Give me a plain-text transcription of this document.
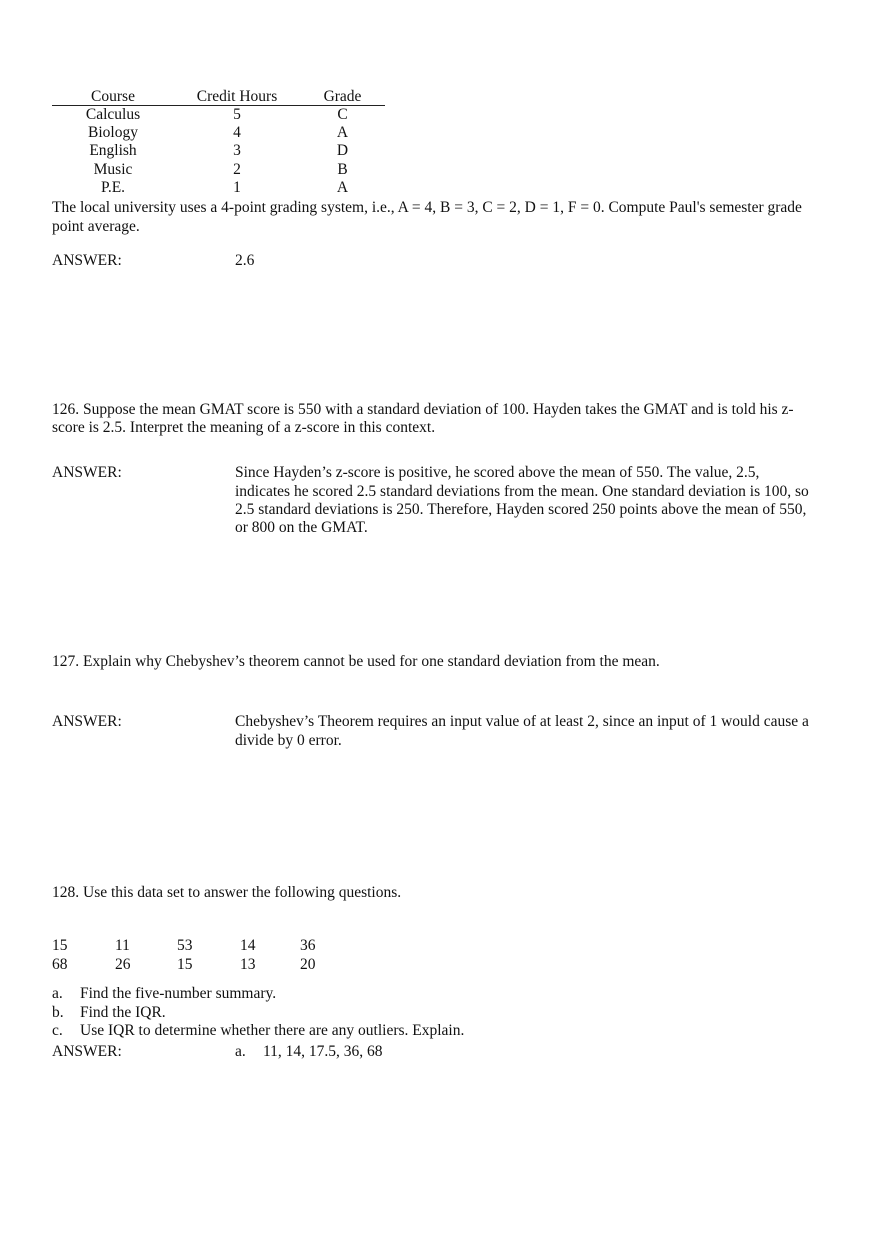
Course	Credit Hours	Grade
Calculus	5	C
Biology	4	A
English	3	D
Music	2	B
P.E.	1	A
The local university uses a 4-point grading system, i.e., A = 4, B = 3, C = 2, D = 1, F = 0. Compute Paul's semester grade
point average.
ANSWER:	2.6
126. Suppose the mean GMAT score is 550 with a standard deviation of 100. Hayden takes the GMAT and is told his z-
score is 2.5. Interpret the meaning of a z-score in this context.
ANSWER:	Since Hayden’s z-score is positive, he scored above the mean of 550. The value, 2.5,
indicates he scored 2.5 standard deviations from the mean. One standard deviation is 100, so
2.5 standard deviations is 250. Therefore, Hayden scored 250 points above the mean of 550,
or 800 on the GMAT.
127. Explain why Chebyshev’s theorem cannot be used for one standard deviation from the mean.
ANSWER:	Chebyshev’s Theorem requires an input value of at least 2, since an input of 1 would cause a
divide by 0 error.
128. Use this data set to answer the following questions.
15	11	53	14	36
68	26	15	13	20
a. Find the five-number summary.
b. Find the IQR.
c. Use IQR to determine whether there are any outliers. Explain.
ANSWER:	a. 11, 14, 17.5, 36, 68
